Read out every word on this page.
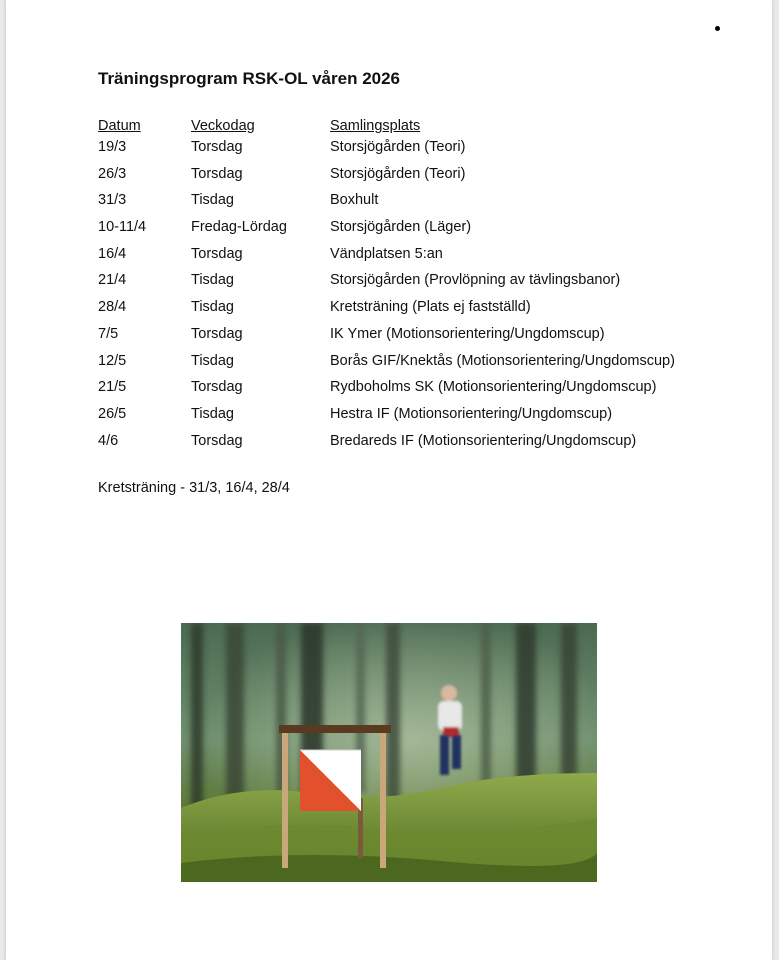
Träningsprogram RSK-OL våren 2026
Datum	Veckodag	Samlingsplats
19/3	Torsdag	Storsjögården (Teori)
26/3	Torsdag	Storsjögården (Teori)
31/3	Tisdag	Boxhult
10-11/4	Fredag-Lördag	Storsjögården (Läger)
16/4	Torsdag	Vändplatsen 5:an
21/4	Tisdag	Storsjögården (Provlöpning av tävlingsbanor)
28/4	Tisdag	Kretsträning (Plats ej fastställd)
7/5	Torsdag	IK Ymer (Motionsorientering/Ungdomscup)
12/5	Tisdag	Borås GIF/Knektås (Motionsorientering/Ungdomscup)
21/5	Torsdag	Rydboholms SK (Motionsorientering/Ungdomscup)
26/5	Tisdag	Hestra IF (Motionsorientering/Ungdomscup)
4/6	Torsdag	Bredareds IF (Motionsorientering/Ungdomscup)
Kretsträning - 31/3, 16/4, 28/4
